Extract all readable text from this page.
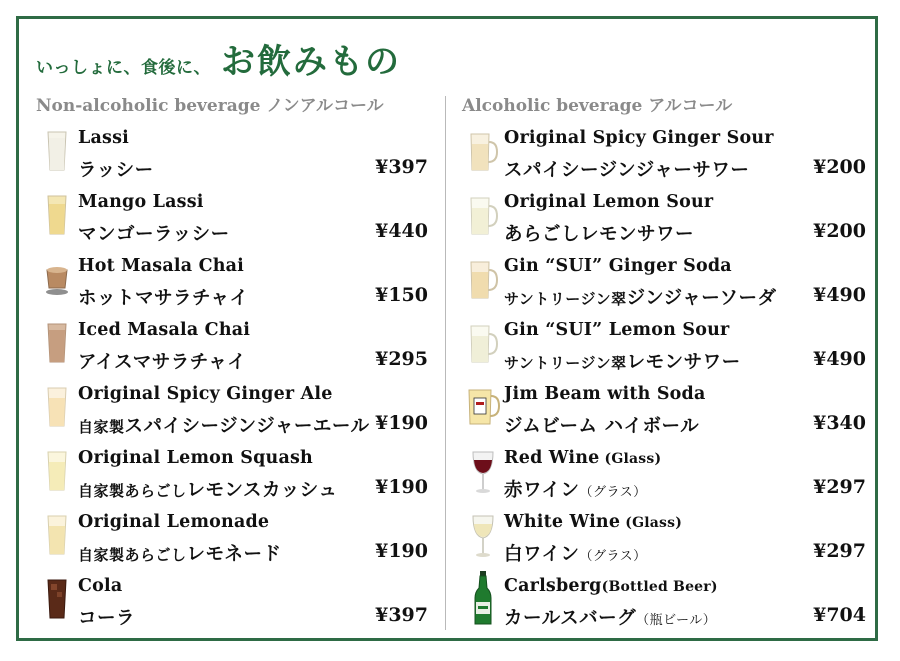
いっしょに、食後に、 お飲みもの
Non-alcoholic beverage ノンアルコール
Lassi
ラッシー	¥397
Mango Lassi
マンゴーラッシー	¥440
Hot Masala Chai
ホットマサラチャイ	¥150
Iced Masala Chai
アイスマサラチャイ	¥295
Original Spicy Ginger Ale
自家製スパイシージンジャーエール ¥190
Original Lemon Squash
自家製あらごしレモンスカッシュ ¥190
Original Lemonade
自家製あらごしレモネード	¥190
Cola
コーラ	¥397
Alcoholic beverage アルコール
Original Spicy Ginger Sour
スパイシージンジャーサワー	¥200
Original Lemon Sour
あらごしレモンサワー	¥200
Gin “SUI” Ginger Soda
サントリージン翠ジンジャーソーダ ¥490
Gin “SUI” Lemon Sour
サントリージン翠レモンサワー	¥490
Jim Beam with Soda
ジムビーム ハイボール	¥340
Red Wine (Glass)
赤ワイン（グラス）	¥297
White Wine (Glass)
白ワイン（グラス）	¥297
Carlsberg(Bottled Beer)
カールスバーグ（瓶ビール）	¥704
